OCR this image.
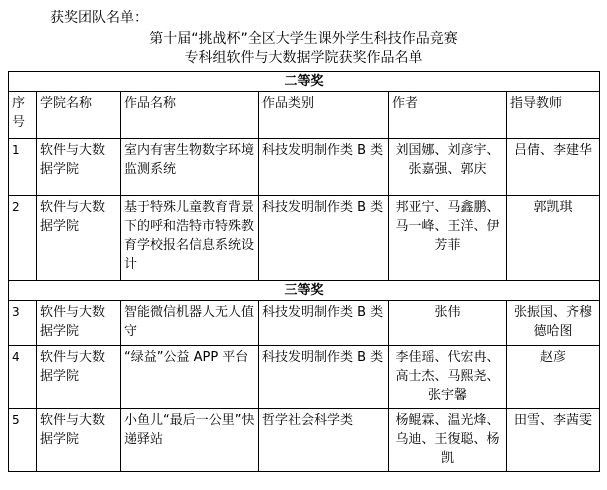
获奖团队名单：
第十届“挑战杯”全区大学生课外学生科技作品竞赛
专科组软件与大数据学院获奖作品名单
二等奖					
序号	学院名称	作品名称	作品类别	作者	指导教师
1	软件与大数据学院	室内有害生物数字环境监测系统	科技发明制作类 B 类	刘国娜、刘彦宇、张嘉强、郭庆	吕倩、李建华
2	软件与大数据学院	基于特殊儿童教育背景下的呼和浩特市特殊教育学校报名信息系统设计	科技发明制作类 B 类	邦亚宁、马鑫鹏、马一峰、王洋、伊芳菲	郭凯琪
三等奖					
3	软件与大数据学院	智能微信机器人无人值守	科技发明制作类 B 类	张伟	张振国、齐穆德哈图
4	软件与大数据学院	“绿益”公益 APP 平台	科技发明制作类 B 类	李佳瑶、代宏冉、高士杰、马熙尧、张宇馨	赵彦
5	软件与大数据学院	小鱼儿“最后一公里”快递驿站	哲学社会科学类	杨鲲霖、温光烽、乌迪、王復聪、杨凯	田雪、李茜雯
